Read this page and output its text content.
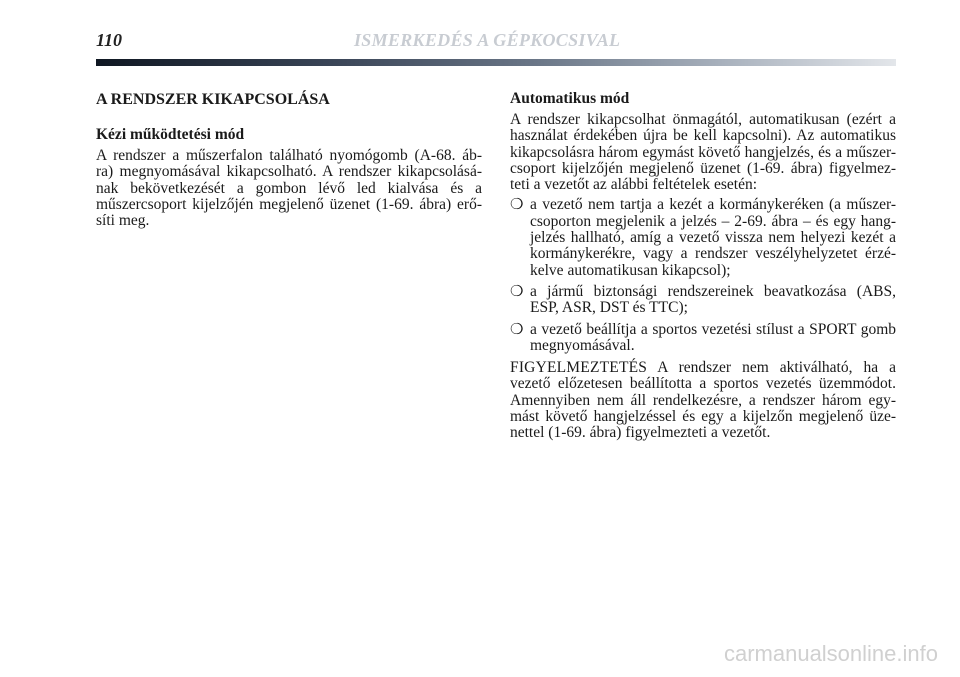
110	ISMERKEDÉS A GÉPKOCSIVAL
A RENDSZER KIKAPCSOLÁSA
Kézi működtetési mód

A rendszer a műszerfalon található nyomógomb (A-68. áb- ra) megnyomásával kikapcsolható. A rendszer kikapcsolásá- nak bekövetkezését a gombon lévő led kialvása és a műszercsoport kijelzőjén megjelenő üzenet (1-69. ábra) erő- síti meg.

Automatikus mód

A rendszer kikapcsolhat önmagától, automatikusan (ezért a használat érdekében újra be kell kapcsolni). Az automatikus kikapcsolásra három egymást követő hangjelzés, és a műszer- csoport kijelzőjén megjelenő üzenet (1-69. ábra) figyelmez- teti a vezetőt az alábbi feltételek esetén:

❍ a vezető nem tartja a kezét a kormánykeréken (a műszer- csoporton megjelenik a jelzés – 2-69. ábra – és egy hang- jelzés hallható, amíg a vezető vissza nem helyezi kezét a kormánykerékre, vagy a rendszer veszélyhelyzetet érzé- kelve automatikusan kikapcsol);
❍ a jármű biztonsági rendszereinek beavatkozása (ABS, ESP, ASR, DST és TTC);
❍ a vezető beállítja a sportos vezetési stílust a SPORT gomb megnyomásával.
FIGYELMEZTETÉS A rendszer nem aktiválható, ha a vezető előzetesen beállította a sportos vezetés üzemmódot. Amennyiben nem áll rendelkezésre, a rendszer három egy- mást követő hangjelzéssel és egy a kijelzőn megjelenő üze- nettel (1-69. ábra) figyelmezteti a vezetőt.
carmanualsonline.info
